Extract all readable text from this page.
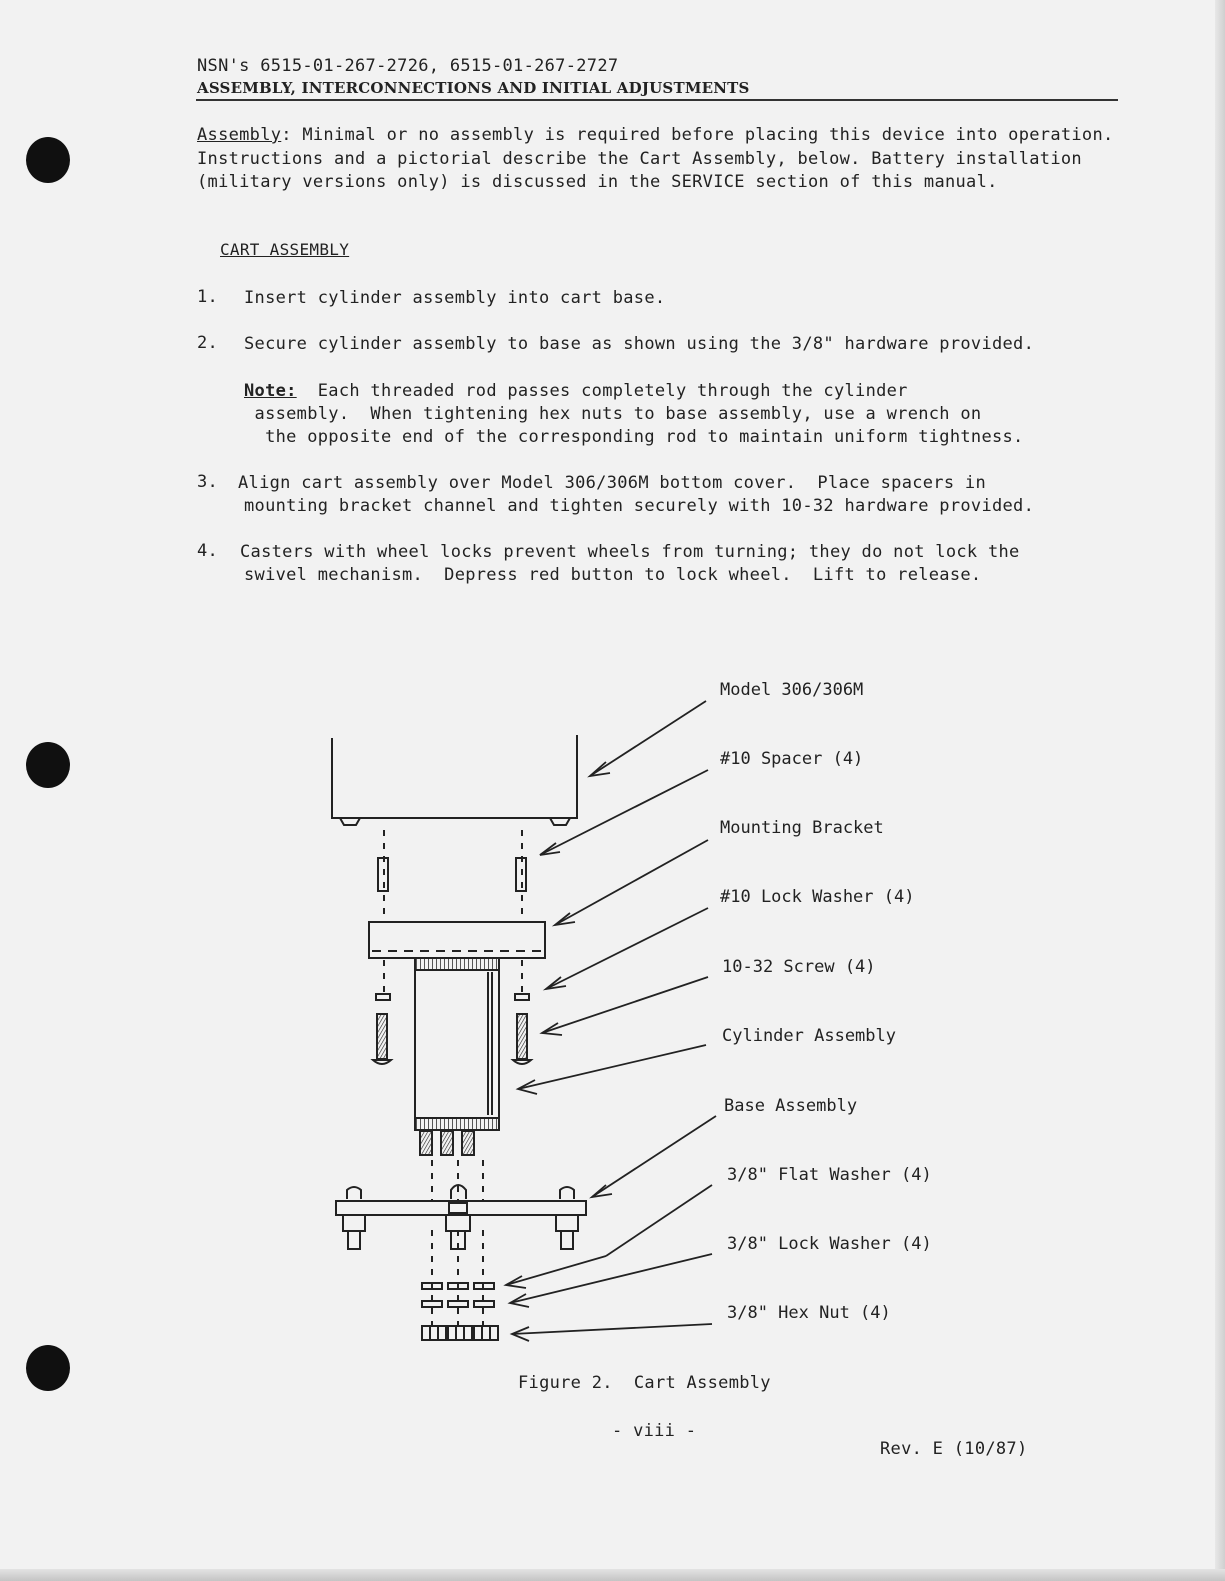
NSN's 6515-01-267-2726, 6515-01-267-2727
ASSEMBLY, INTERCONNECTIONS AND INITIAL ADJUSTMENTS
Assembly: Minimal or no assembly is required before placing this device into operation. Instructions and a pictorial describe the Cart Assembly, below. Battery installation (military versions only) is discussed in the SERVICE section of this manual.
CART ASSEMBLY
1. Insert cylinder assembly into cart base.
2. Secure cylinder assembly to base as shown using the 3/8" hardware provided.
Note:  Each threaded rod passes completely through the cylinder
assembly.  When tightening hex nuts to base assembly, use a wrench on
the opposite end of the corresponding rod to maintain uniform tightness.
3. Align cart assembly over Model 306/306M bottom cover.  Place spacers in
mounting bracket channel and tighten securely with 10-32 hardware provided.
4. Casters with wheel locks prevent wheels from turning; they do not lock the
swivel mechanism.  Depress red button to lock wheel.  Lift to release.
Model 306/306M
#10 Spacer (4)
Mounting Bracket
#10 Lock Washer (4)
10-32 Screw (4)
Cylinder Assembly
Base Assembly
3/8" Flat Washer (4)
3/8" Lock Washer (4)
3/8" Hex Nut (4)
Figure 2.  Cart Assembly
- viii -
Rev. E (10/87)
